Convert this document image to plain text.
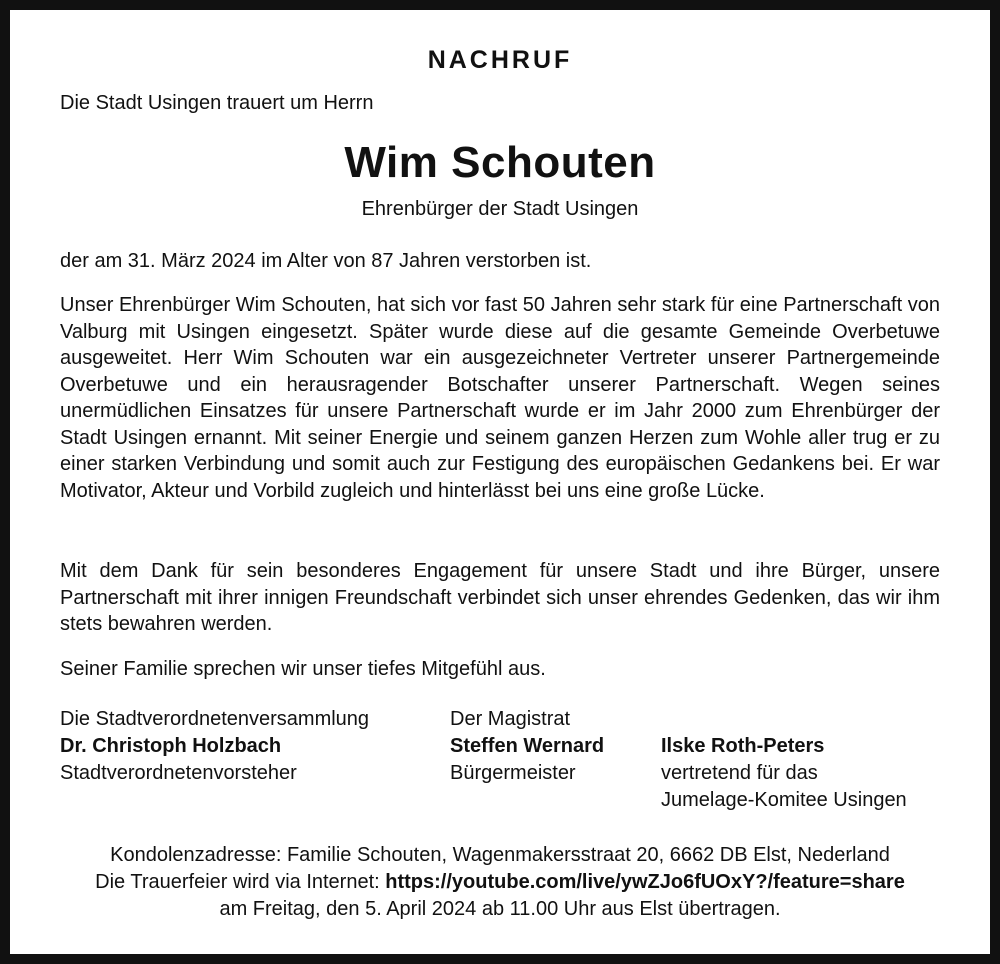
NACHRUF
Die Stadt Usingen trauert um Herrn
Wim Schouten
Ehrenbürger der Stadt Usingen
der am 31. März 2024 im Alter von 87 Jahren verstorben ist.
Unser Ehrenbürger Wim Schouten, hat sich vor fast 50 Jahren sehr stark für eine Partnerschaft von Valburg mit Usingen eingesetzt. Später wurde diese auf die gesamte Gemeinde Overbetuwe ausgeweitet. Herr Wim Schouten war ein ausgezeichneter Vertreter unserer Partnergemeinde Overbetuwe und ein herausragender Botschafter unserer Partnerschaft. Wegen seines unermüdlichen Einsatzes für unsere Partnerschaft wurde er im Jahr 2000 zum Ehrenbürger der Stadt Usingen ernannt. Mit seiner Energie und seinem ganzen Herzen zum Wohle aller trug er zu einer starken Verbindung und somit auch zur Festigung des europäischen Gedankens bei. Er war Motivator, Akteur und Vorbild zugleich und hinterlässt bei uns eine große Lücke.
Mit dem Dank für sein besonderes Engagement für unsere Stadt und ihre Bürger, unsere Partnerschaft mit ihrer innigen Freundschaft verbindet sich unser ehrendes Gedenken, das wir ihm stets bewahren werden.
Seiner Familie sprechen wir unser tiefes Mitgefühl aus.
Die Stadtverordnetenversammlung
Dr. Christoph Holzbach
Stadtverordnetenvorsteher
Der Magistrat
Steffen Wernard
Bürgermeister
Ilske Roth-Peters
vertretend für das
Jumelage-Komitee Usingen
Kondolenzadresse: Familie Schouten, Wagenmakersstraat 20, 6662 DB Elst, Nederland
Die Trauerfeier wird via Internet: https://youtube.com/live/ywZJo6fUOxY?/feature=share
am Freitag, den 5. April 2024 ab 11.00 Uhr aus Elst übertragen.
